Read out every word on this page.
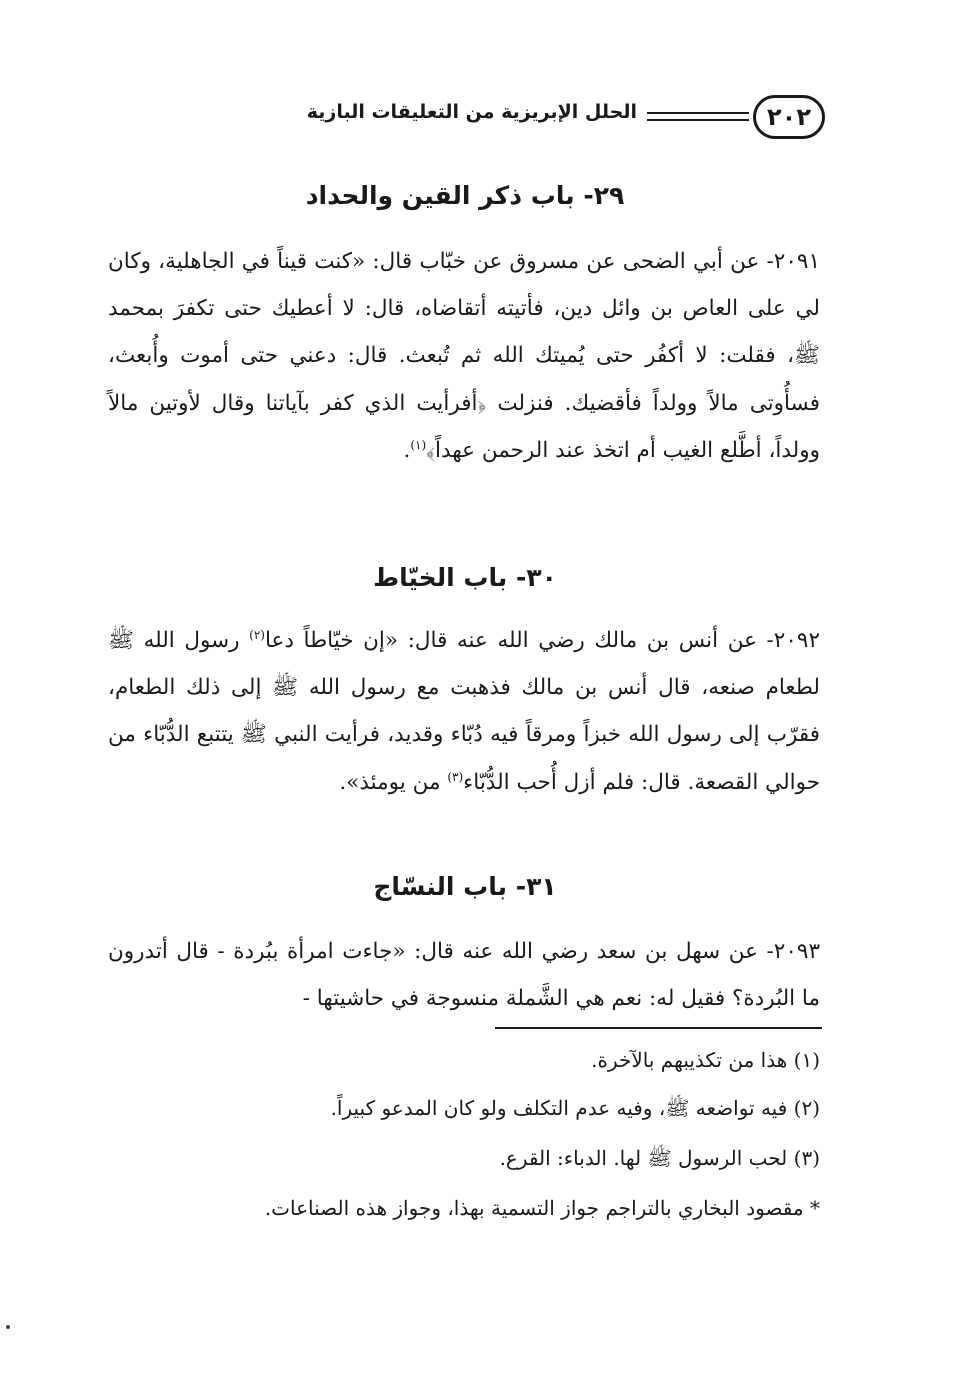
٢٠٢
الحلل الإبريزية من التعليقات البازية
٢٩- باب ذكر القين والحداد
٢٠٩١- عن أبي الضحى عن مسروق عن خبّاب قال: «كنت قيناً في الجاهلية، وكان لي على العاص بن وائل دين، فأتيته أتقاضاه، قال: لا أعطيك حتى تكفرَ بمحمد ﷺ، فقلت: لا أكفُر حتى يُميتك الله ثم تُبعث. قال: دعني حتى أموت وأُبعث، فسأُوتى مالاً وولداً فأقضيك. فنزلت ﴿أفرأيت الذي كفر بآياتنا وقال لأوتين مالاً وولداً، أطَّلع الغيب أم اتخذ عند الرحمن عهداً﴾$^{(١)}$.
٣٠- باب الخيّاط
٢٠٩٢- عن أنس بن مالك رضي الله عنه قال: «إن خيّاطاً دعا$^{(٢)}$ رسول الله ﷺ لطعام صنعه، قال أنس بن مالك فذهبت مع رسول الله ﷺ إلى ذلك الطعام، فقرّب إلى رسول الله خبزاً ومرقاً فيه دُبّاء وقديد، فرأيت النبي ﷺ يتتبع الدُّبّاء من حوالي القصعة. قال: فلم أزل أُحب الدُّبّاء$^{(٣)}$ من يومئذ».
٣١- باب النسّاج
٢٠٩٣- عن سهل بن سعد رضي الله عنه قال: «جاءت امرأة ببُردة - قال أتدرون ما البُردة؟ فقيل له: نعم هي الشَّملة منسوجة في حاشيتها -
(١) هذا من تكذيبهم بالآخرة.
(٢) فيه تواضعه ﷺ، وفيه عدم التكلف ولو كان المدعو كبيراً.
(٣) لحب الرسول ﷺ لها. الدباء: القرع.
* مقصود البخاري بالتراجم جواز التسمية بهذا، وجواز هذه الصناعات.
